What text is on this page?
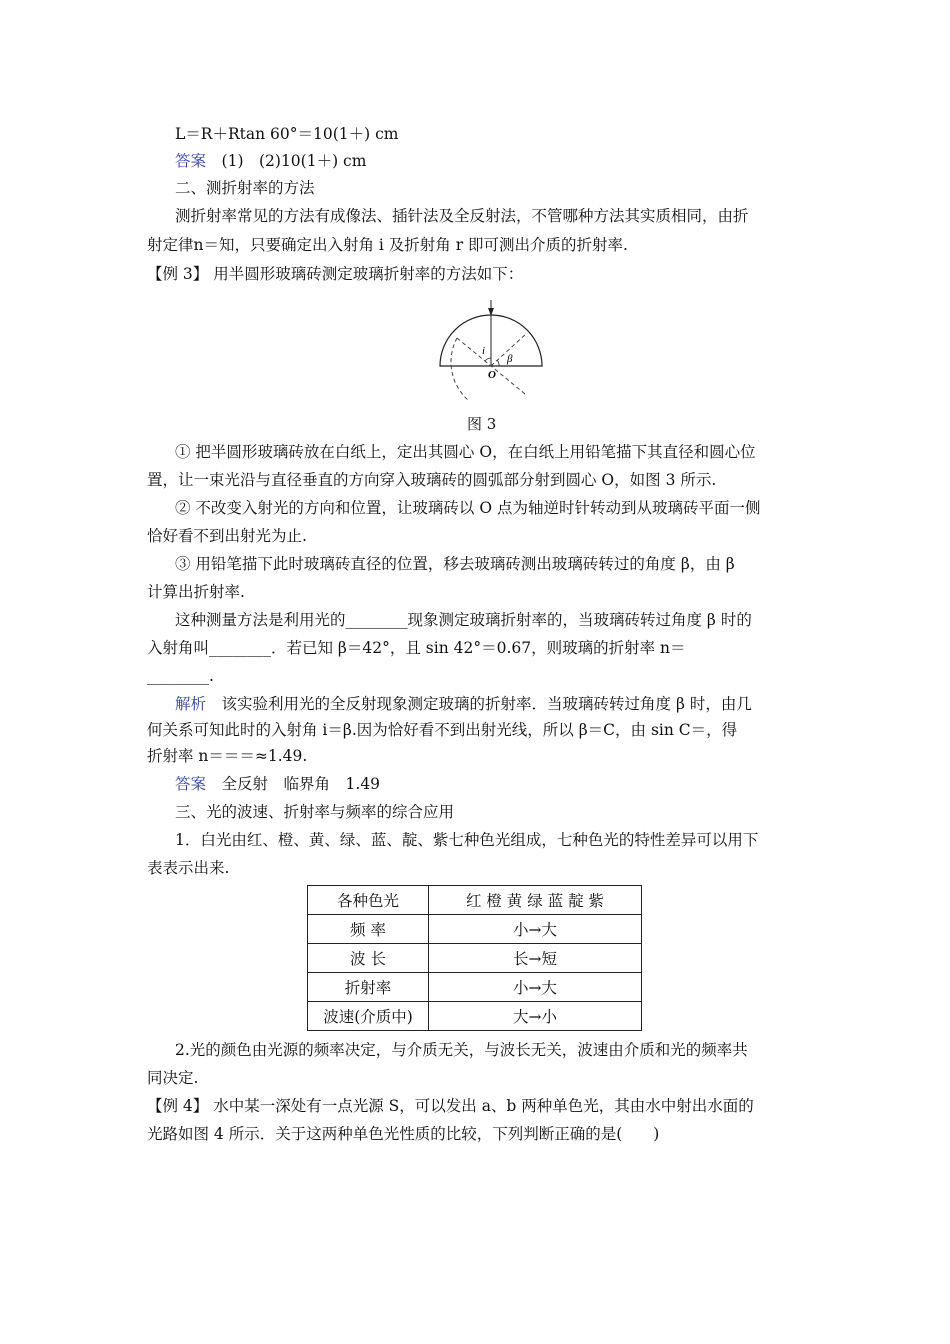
L＝R＋Rtan 60°＝10(1＋) cm
答案　 (1)　(2)10(1＋) cm
二、测折射率的方法
测折射率常见的方法有成像法、插针法及全反射法，不管哪种方法其实质相同，由折
射定律n＝知，只要确定出入射角 i 及折射角 r 即可测出介质的折射率.
【例 3】 用半圆形玻璃砖测定玻璃折射率的方法如下：
i
β
O
图 3
① 把半圆形玻璃砖放在白纸上，定出其圆心 O，在白纸上用铅笔描下其直径和圆心位
置，让一束光沿与直径垂直的方向穿入玻璃砖的圆弧部分射到圆心 O，如图 3 所示.
② 不改变入射光的方向和位置，让玻璃砖以 O 点为轴逆时针转动到从玻璃砖平面一侧
恰好看不到出射光为止.
③ 用铅笔描下此时玻璃砖直径的位置，移去玻璃砖测出玻璃砖转过的角度 β，由 β
计算出折射率.
这种测量方法是利用光的________现象测定玻璃折射率的，当玻璃砖转过角度 β 时的
入射角叫________．若已知 β＝42°，且 sin 42°＝0.67，则玻璃的折射率 n＝
________.
解析　 该实验利用光的全反射现象测定玻璃的折射率．当玻璃砖转过角度 β 时，由几
何关系可知此时的入射角 i＝β.因为恰好看不到出射光线，所以 β＝C，由 sin C＝，得
折射率 n＝＝＝≈1.49.
答案　 全反射　临界角　1.49
三、光的波速、折射率与频率的综合应用
1．白光由红、橙、黄、绿、蓝、靛、紫七种色光组成，七种色光的特性差异可以用下
表表示出来.
各种色光	红 橙 黄 绿 蓝 靛 紫
频 率	小→大
波 长	长→短
折射率	小→大
波速(介质中)	大→小
2.光的颜色由光源的频率决定，与介质无关，与波长无关，波速由介质和光的频率共
同决定.
【例 4】 水中某一深处有一点光源 S，可以发出 a、b 两种单色光，其由水中射出水面的
光路如图 4 所示．关于这两种单色光性质的比较，下列判断正确的是(　　)
